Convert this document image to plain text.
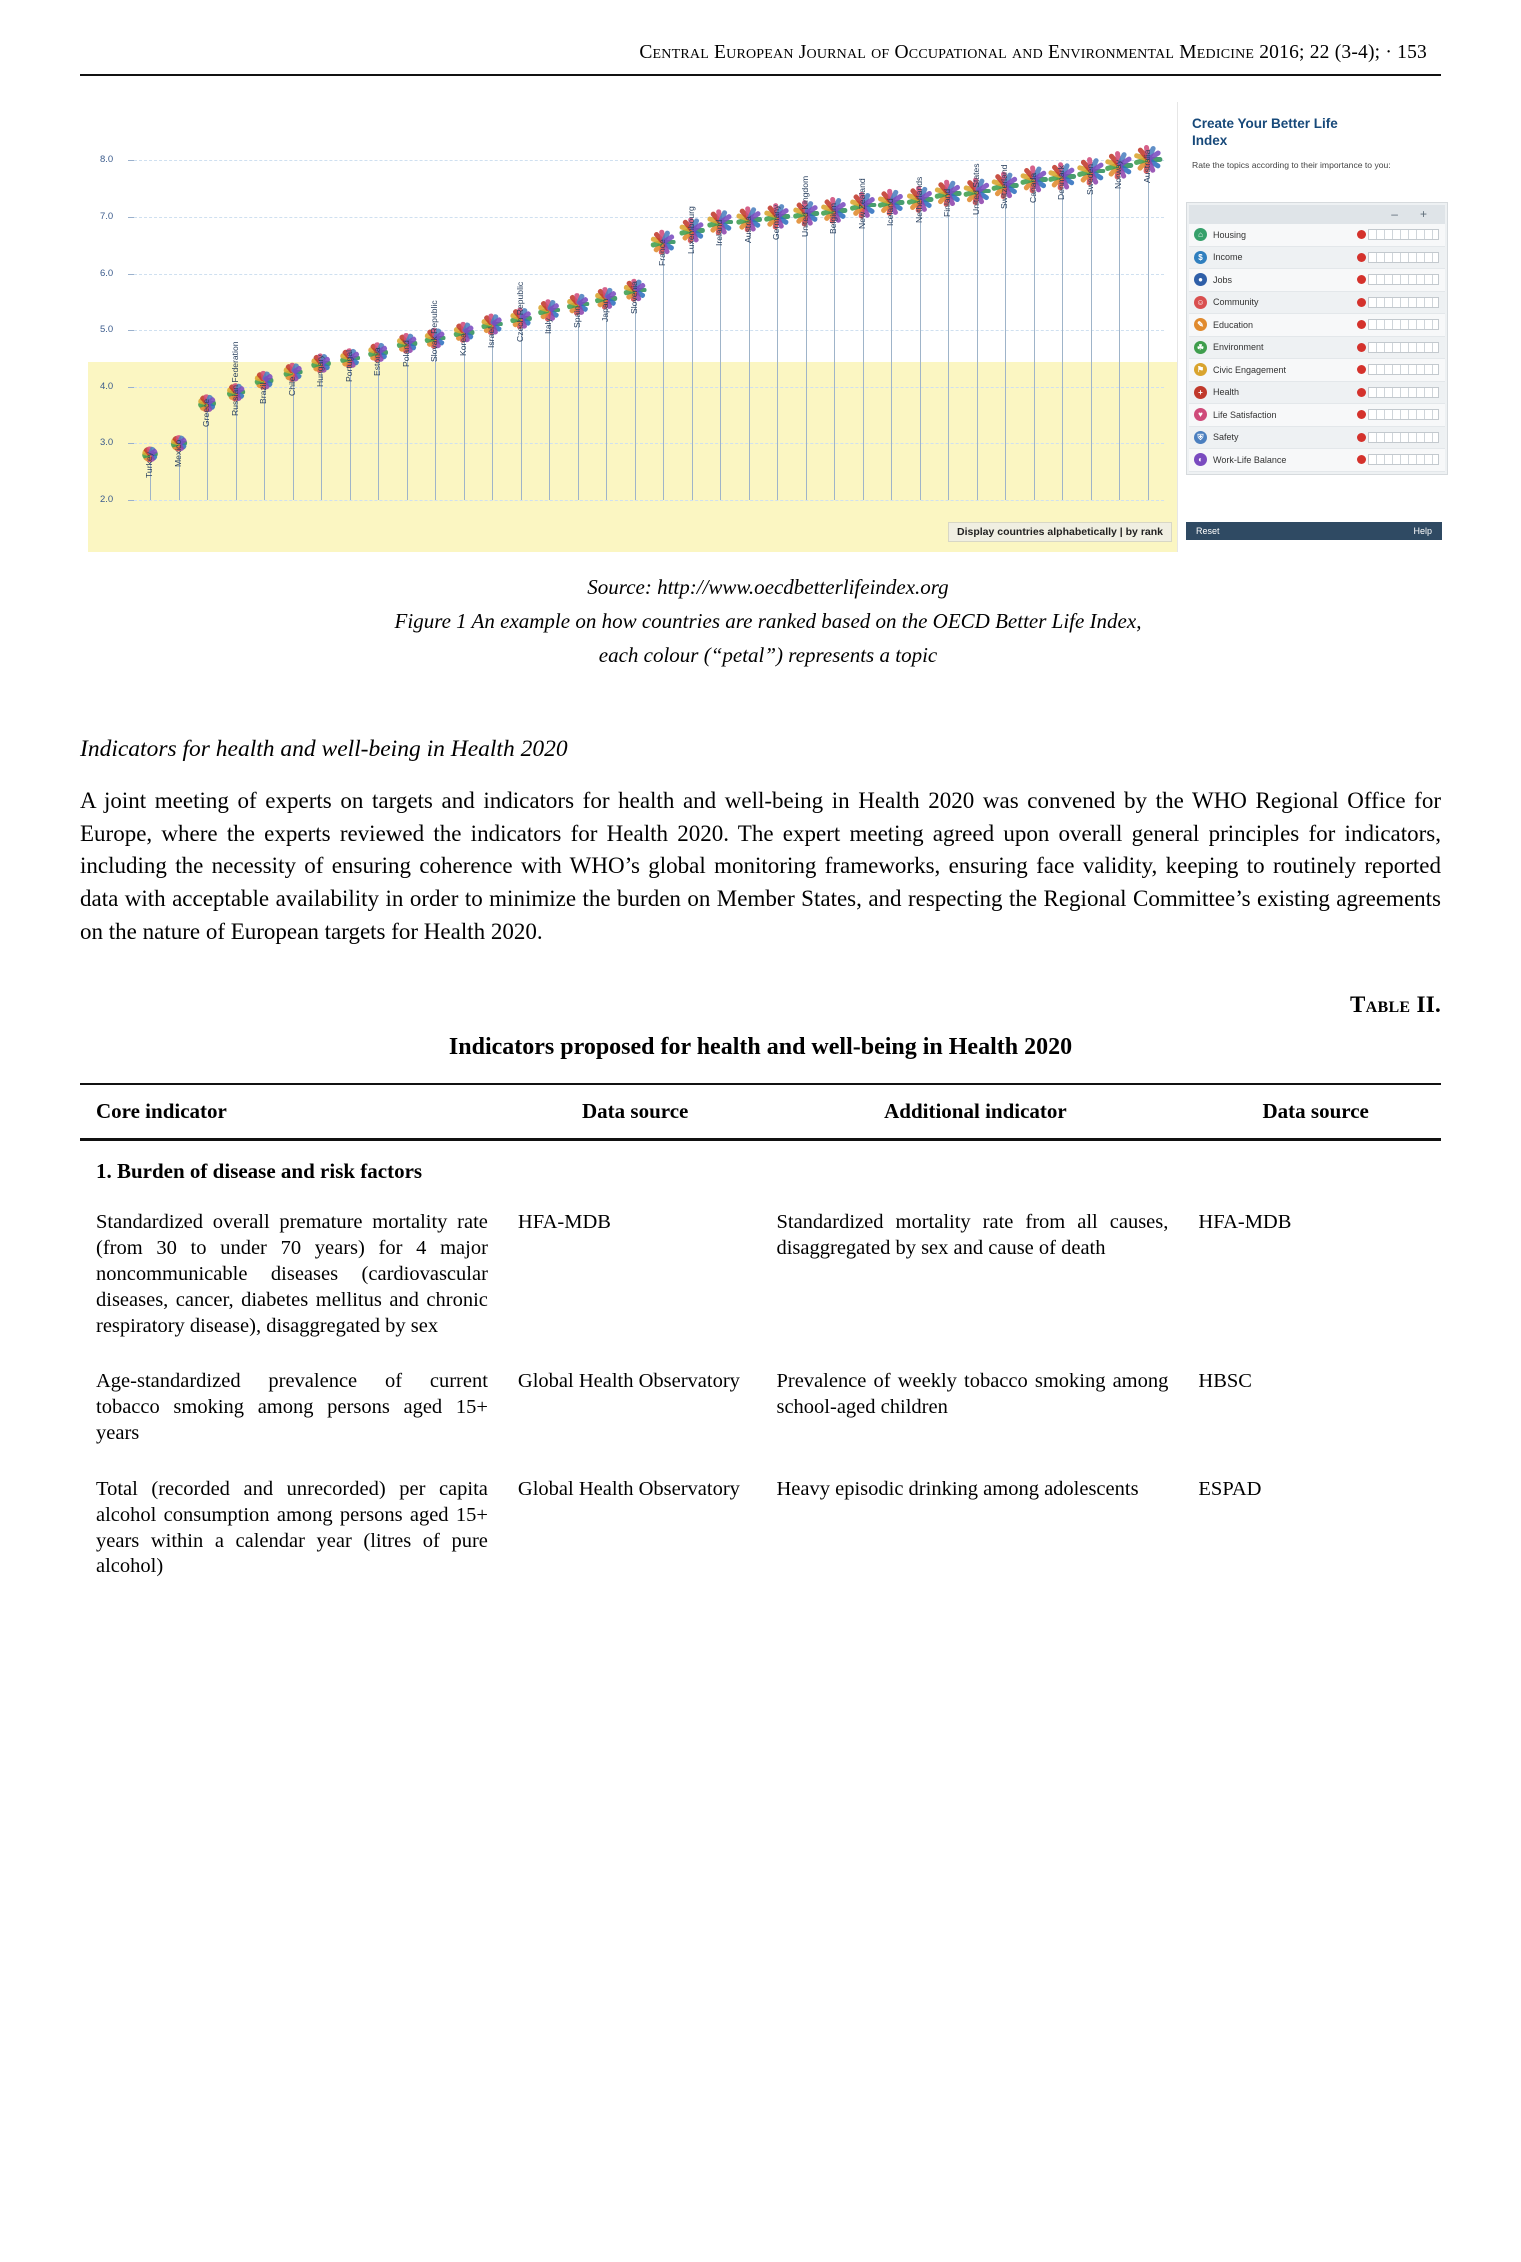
Central European Journal of Occupational and Environmental Medicine 2016; 22 (3-4); · 153
2.0
3.0
4.0
5.0
6.0
7.0
8.0
Turkey Mexico
Greece Russian Federation Brazil Chile Hungary Portugal Estonia Poland Slovak Republic Korea Israel Czech Republic Italy Spain Japan Slovenia
France Luxembourg Ireland Austria Germany United Kingdom Belgium New Zealand Iceland Netherlands Finland United States Switzerland Canada Denmark Sweden Norway Australia
Display countries alphabetically | by rank
Create Your Better Life Index
Rate the topics according to their importance to you:
– +
⌂	Housing
$	Income
●	Jobs
☺ Community
✎	Education
☘ Environment
⚑ Civic Engagement
+	Health
♥	Life Satisfaction
⛨	Safety
◐	Work-Life Balance
Reset	Help
Source: http://www.oecdbetterlifeindex.org
Figure 1 An example on how countries are ranked based on the OECD Better Life Index,
each colour (“petal”) represents a topic
Indicators for health and well-being in Health 2020

A joint meeting of experts on targets and indicators for health and well-being in Health 2020 was convened by the WHO Regional Office for Europe, where the experts reviewed the indicators for Health 2020. The expert meeting agreed upon overall general principles for indicators, including the necessity of ensuring coherence with WHO’s global monitoring frameworks, ensuring face validity, keeping to routinely reported data with acceptable availability in order to minimize the burden on Member States, and respecting the Regional Committee’s existing agreements on the nature of European targets for Health 2020.

Table II.
Indicators proposed for health and well-being in Health 2020

Core indicator	Data source	Additional indicator	Data source

1. Burden of disease and risk factors			
Standardized overall premature mortality rate (from 30 to under 70 years) for 4 major noncommunicable diseases (cardiovascular diseases, cancer, diabetes mellitus and chronic respiratory disease), disaggregated by sex	HFA-MDB	Standardized mortality rate from all causes, disaggregated by sex and cause of death	HFA-MDB
Age-standardized prevalence of current tobacco smoking among persons aged 15+ years	Global Health Observatory	Prevalence of weekly tobacco smoking among school-aged children	HBSC
Total (recorded and unrecorded) per capita alcohol consumption among persons aged 15+ years within a calendar year (litres of pure alcohol)	Global Health Observatory	Heavy episodic drinking among adolescents	ESPAD
